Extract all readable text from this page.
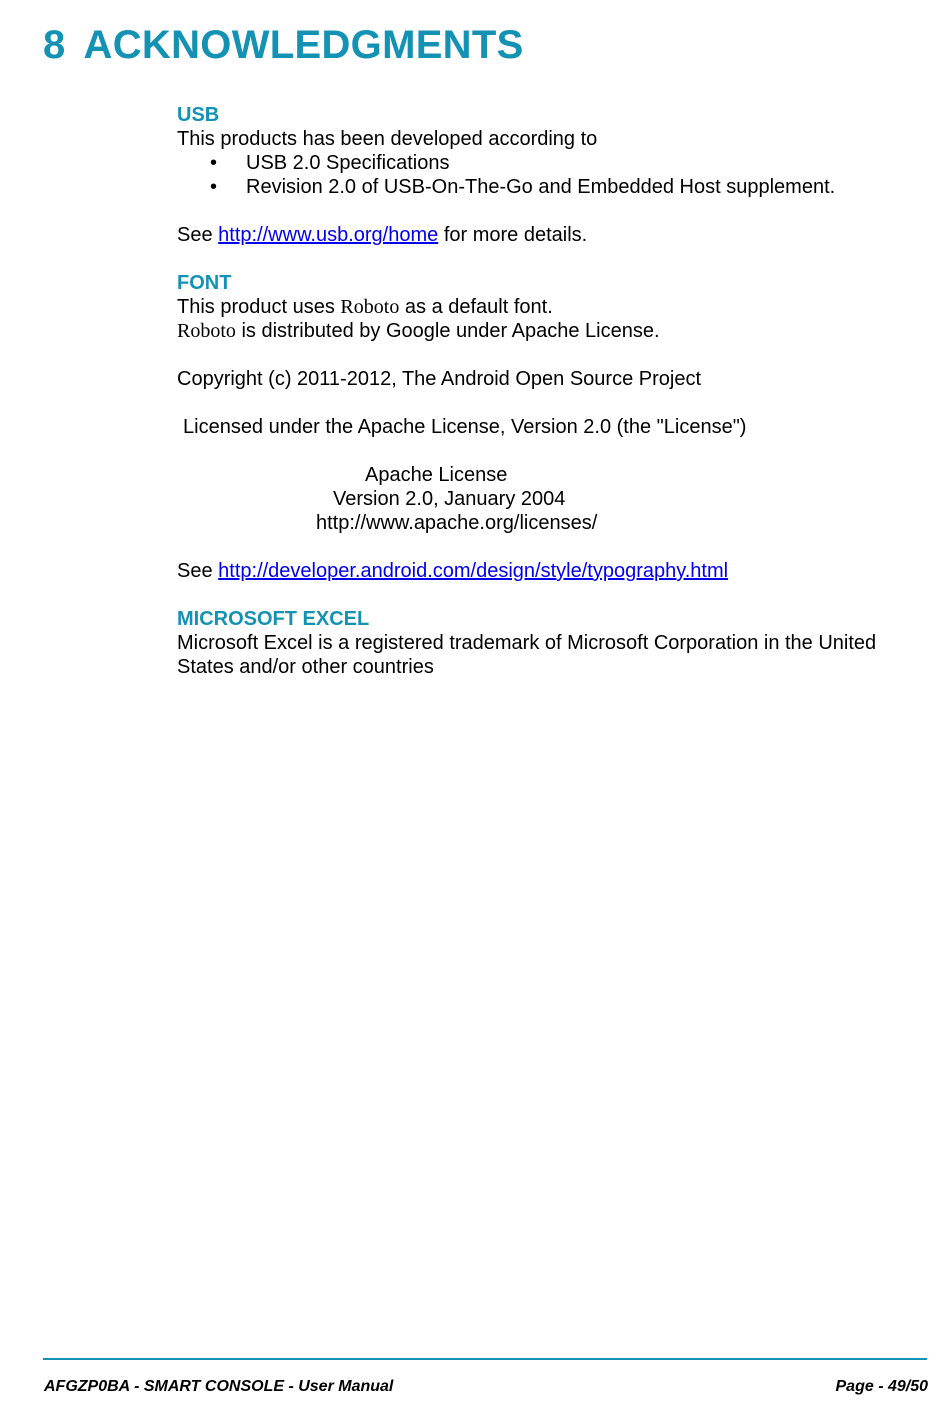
8 ACKNOWLEDGMENTS

USB

This products has been developed according to

• USB 2.0 Specifications
• Revision 2.0 of USB-On-The-Go and Embedded Host supplement.

See http://www.usb.org/home for more details.

FONT

This product uses Roboto as a default font.

Roboto is distributed by Google under Apache License.

Copyright (c) 2011-2012, The Android Open Source Project

Licensed under the Apache License, Version 2.0 (the "License")

Apache License

Version 2.0, January 2004

http://www.apache.org/licenses/

See http://developer.android.com/design/style/typography.html

MICROSOFT EXCEL

Microsoft Excel is a registered trademark of Microsoft Corporation in the United States and/or other countries

AFGZP0BA - SMART CONSOLE - User Manual	Page - 49/50
